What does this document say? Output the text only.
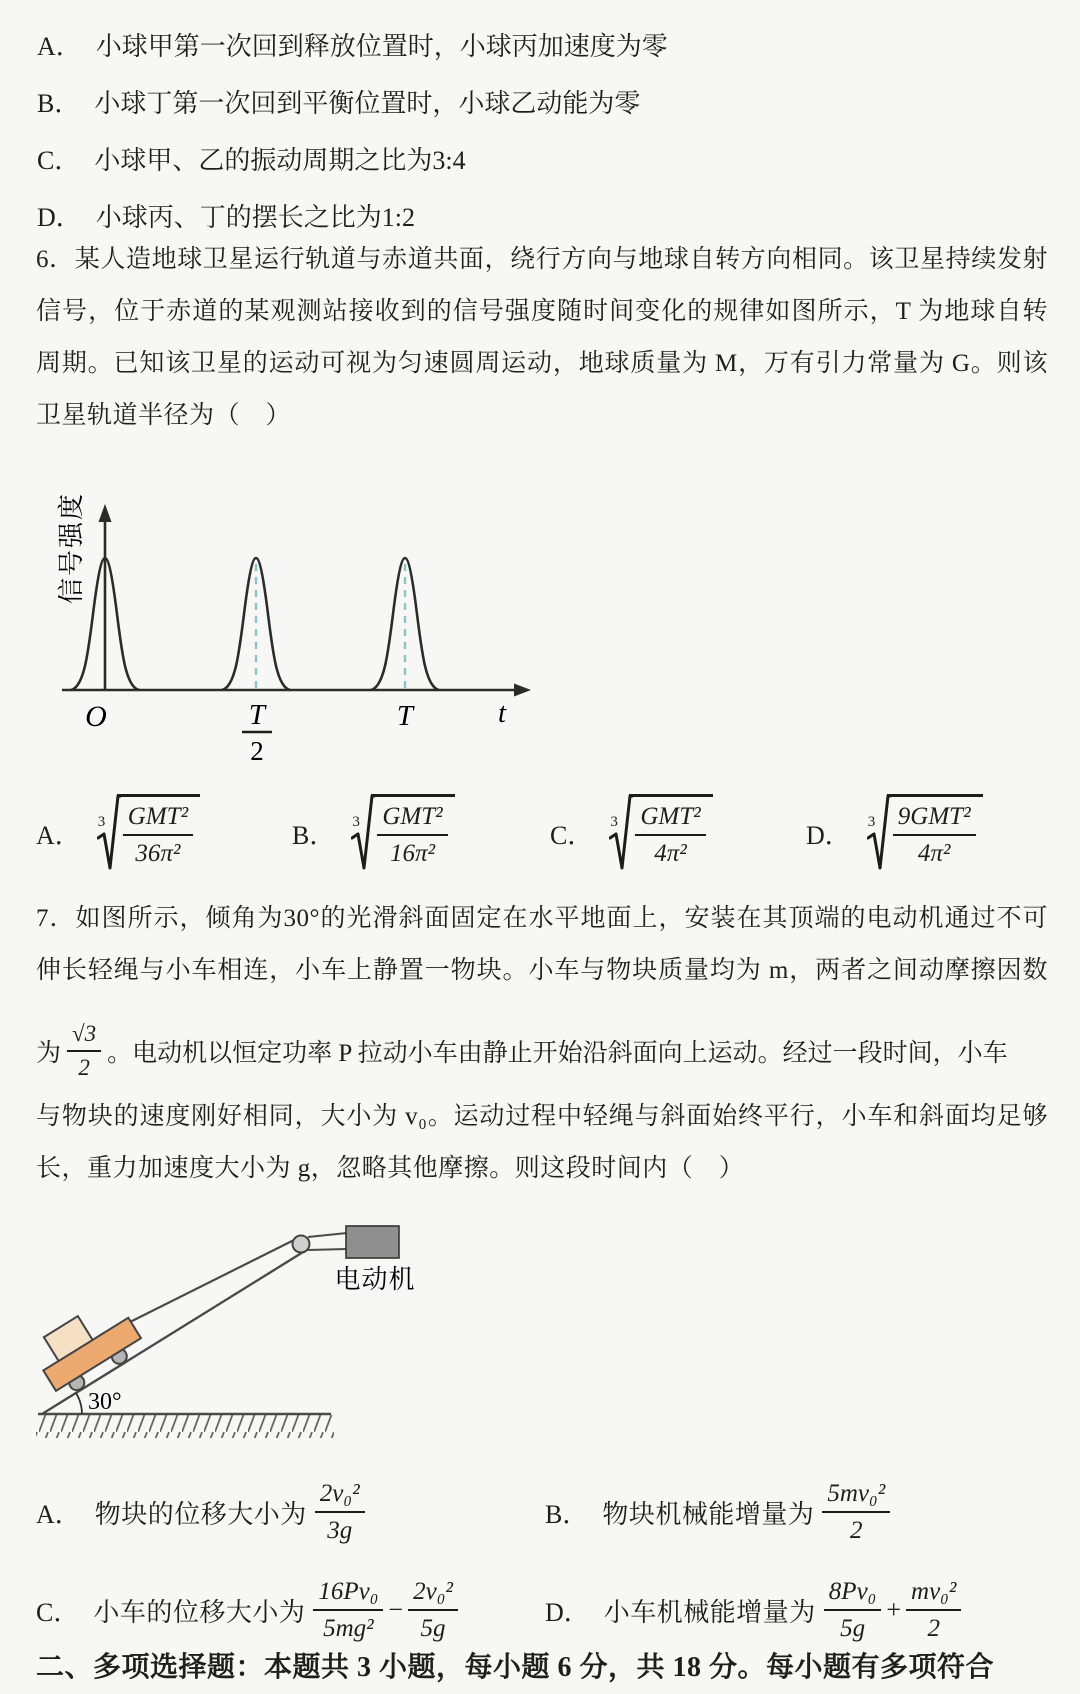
A． 小球甲第一次回到释放位置时，小球丙加速度为零
B． 小球丁第一次回到平衡位置时，小球乙动能为零
C． 小球甲、乙的振动周期之比为3:4
D． 小球丙、丁的摆长之比为1:2
6．某人造地球卫星运行轨道与赤道共面，绕行方向与地球自转方向相同。该卫星持续发射
信号，位于赤道的某观测站接收到的信号强度随时间变化的规律如图所示，T 为地球自转
周期。已知该卫星的运动可视为匀速圆周运动，地球质量为 M，万有引力常量为 G。则该
卫星轨道半径为（　）
信号强度
O	T
2
T	t
A． $3 \frac{\text{GMT²}}{\text{36π²}}$	B． $3 \frac{\text{GMT²}}{\text{16π²}}$	C． $3 \frac{\text{GMT²}}{\text{4π²}}$	D． $3 \frac{\text{9GMT²}}{\text{4π²}}$
7．如图所示，倾角为30°的光滑斜面固定在水平地面上，安装在其顶端的电动机通过不可
伸长轻绳与小车相连，小车上静置一物块。小车与物块质量均为 m，两者之间动摩擦因数
为 $\frac{√3}{2}$ 。电动机以恒定功率 P 拉动小车由静止开始沿斜面向上运动。经过一段时间，小车
与物块的速度刚好相同，大小为 v₀。运动过程中轻绳与斜面始终平行，小车和斜面均足够
长，重力加速度大小为 g，忽略其他摩擦。则这段时间内（　）
电动机
30°
A． 物块的位移大小为 $\frac{\text{2v₀²}}{3g}$	B． 物块机械能增量为 $\frac{\text{5mv₀²}}{2}$
C． 小车的位移大小为 $\frac{\text{16Pv₀}}{\text{5mg²}} - \frac{\text{2v₀²}}{5g}$	D． 小车机械能增量为 $\frac{\text{8Pv₀}}{5g} + \frac{\text{mv₀²}}{2}$
二、多项选择题：本题共 3 小题，每小题 6 分，共 18 分。每小题有多项符合
